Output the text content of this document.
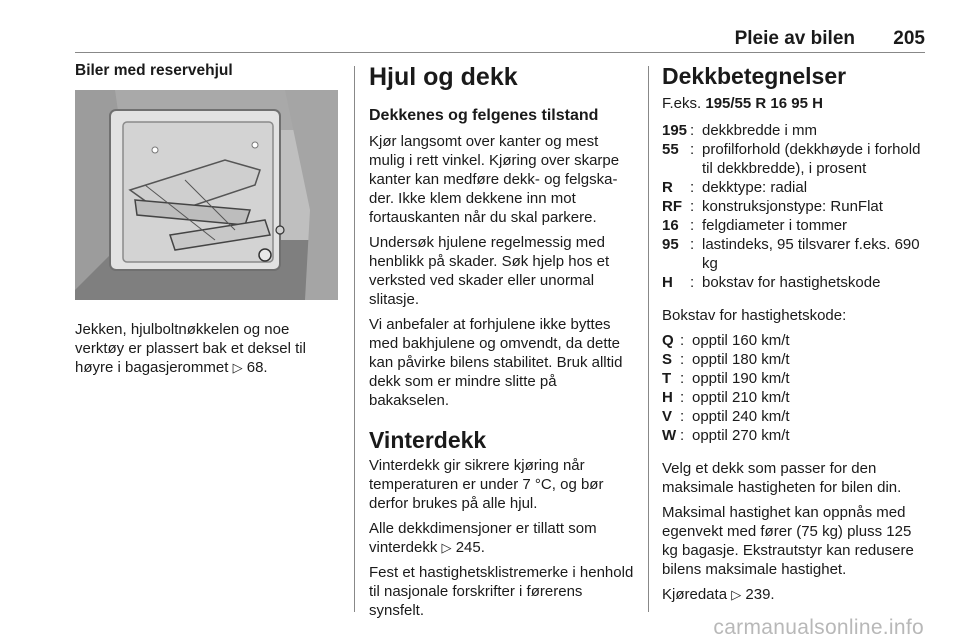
Pleie av bilen 205
Biler med reservehjul
Jekken, hjulboltnøkkelen og noe verktøy er plassert bak et deksel til høyre i bagasjerommet ▷ 68.
Hjul og dekk
Dekkenes og felgenes tilstand

Kjør langsomt over kanter og mest mulig i rett vinkel. Kjøring over skarpe kanter kan medføre dekk- og felgskader. Ikke klem dekkene inn mot fortauskanten når du skal parkere.

Undersøk hjulene regelmessig med henblikk på skader. Søk hjelp hos et verksted ved skader eller unormal slitasje.

Vi anbefaler at forhjulene ikke byttes med bakhjulene og omvendt, da dette kan påvirke bilens stabilitet. Bruk alltid dekk som er mindre slitte på bakakselen.

Vinterdekk

Vinterdekk gir sikrere kjøring når temperaturen er under 7 °C, og bør derfor brukes på alle hjul.

Alle dekkdimensjoner er tillatt som vinterdekk ▷ 245.

Fest et hastighetsklistremerke i henhold til nasjonale forskrifter i førerens synsfelt.

Dekkbetegnelser
F.eks. 195/55 R 16 95 H
195 : dekkbredde i mm
55 : profilforhold (dekkhøyde i forhold til dekkbredde), i prosent
R	: dekktype: radial
RF : konstruksjonstype: RunFlat
16 : felgdiameter i tommer
95 : lastindeks, 95 tilsvarer f.eks. 690 kg
H	: bokstav for hastighetskode

Bokstav for hastighetskode:

Q : opptil 160 km/t
S : opptil 180 km/t
T : opptil 190 km/t
H : opptil 210 km/t
V : opptil 240 km/t
W : opptil 270 km/t

Velg et dekk som passer for den maksimale hastigheten for bilen din.

Maksimal hastighet kan oppnås med egenvekt med fører (75 kg) pluss 125 kg bagasje. Ekstrautstyr kan redusere bilens maksimale hastighet.

Kjøredata ▷ 239.

carmanualsonline.info
